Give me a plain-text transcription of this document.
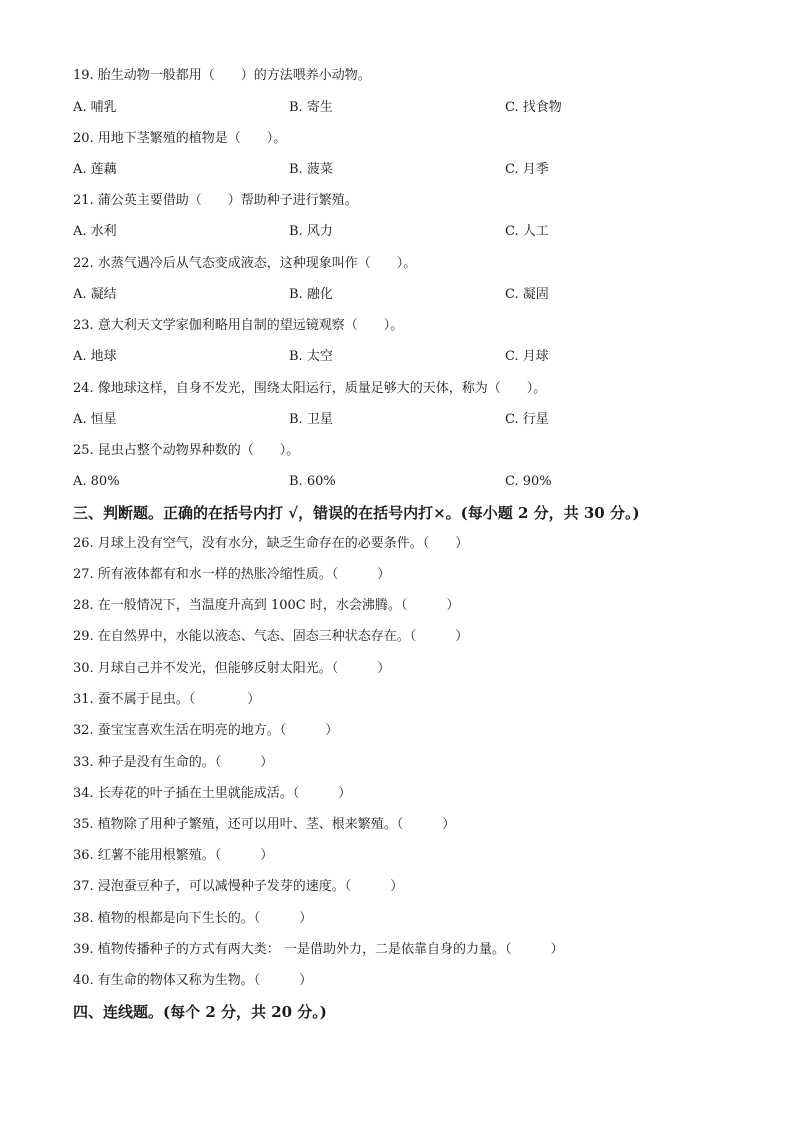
19. 胎生动物一般都用（　　）的方法喂养小动物。
A. 哺乳	B. 寄生	C. 找食物
20. 用地下茎繁殖的植物是（　　）。
A. 莲藕	B. 菠菜	C. 月季
21. 蒲公英主要借助（　　）帮助种子进行繁殖。
A. 水利	B. 风力	C. 人工
22. 水蒸气遇冷后从气态变成液态，这种现象叫作（　　）。
A. 凝结	B. 融化	C. 凝固
23. 意大利天文学家伽利略用自制的望远镜观察（　　）。
A. 地球	B. 太空	C. 月球
24. 像地球这样，自身不发光，围绕太阳运行，质量足够大的天体，称为（　　）。
A. 恒星	B. 卫星	C. 行星
25. 昆虫占整个动物界种数的（　　）。
A. 80%	B. 60%	C. 90%
三、判断题。正确的在括号内打 √，错误的在括号内打×。(每小题 2 分，共 30 分。)
26. 月球上没有空气，没有水分，缺乏生命存在的必要条件。（　　）
27. 所有液体都有和水一样的热胀冷缩性质。（　　　）
28. 在一般情况下，当温度升高到 100C 时，水会沸腾。（　　　）
29. 在自然界中，水能以液态、气态、固态三种状态存在。（　　　）
30. 月球自己并不发光，但能够反射太阳光。（　　　）
31. 蚕不属于昆虫。（　　　　）
32. 蚕宝宝喜欢生活在明亮的地方。（　　　）
33. 种子是没有生命的。（　　　）
34. 长寿花的叶子插在土里就能成活。（　　　）
35. 植物除了用种子繁殖，还可以用叶、茎、根来繁殖。（　　　）
36. 红薯不能用根繁殖。（　　　）
37. 浸泡蚕豆种子，可以减慢种子发芽的速度。（　　　）
38. 植物的根都是向下生长的。（　　　）
39. 植物传播种子的方式有两大类： 一是借助外力，二是依靠自身的力量。（　　　）
40. 有生命的物体又称为生物。（　　　）
四、连线题。(每个 2 分，共 20 分。)
